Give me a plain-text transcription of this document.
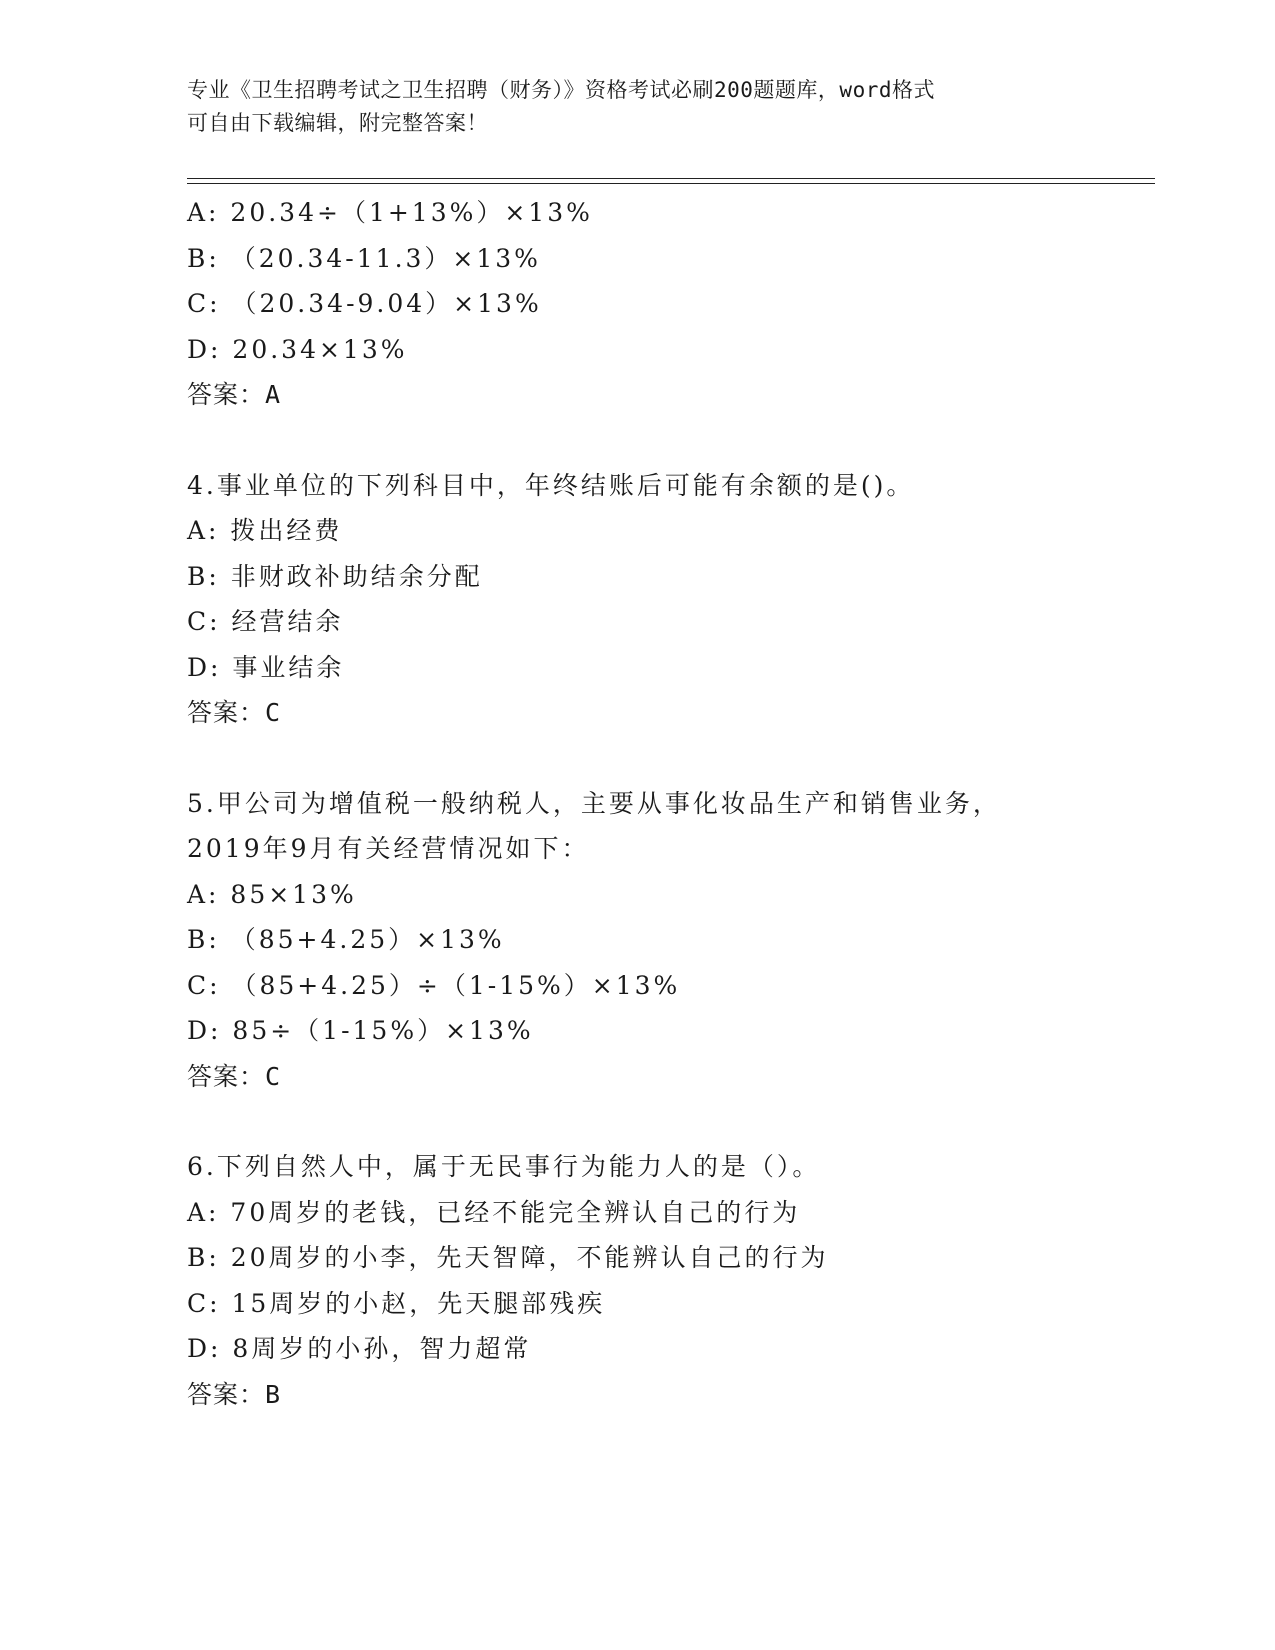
专业《卫生招聘考试之卫生招聘（财务）》资格考试必刷200题题库，word格式
可自由下载编辑，附完整答案！
A: 20.34÷（1+13%）×13%
B: （20.34-11.3）×13%
C: （20.34-9.04）×13%
D: 20.34×13%
答案：A
4.事业单位的下列科目中，年终结账后可能有余额的是()。
A: 拨出经费
B: 非财政补助结余分配
C: 经营结余
D: 事业结余
答案：C
5.甲公司为增值税一般纳税人，主要从事化妆品生产和销售业务，
2019年9月有关经营情况如下：
A: 85×13%
B: （85+4.25）×13%
C: （85+4.25）÷（1-15%）×13%
D: 85÷（1-15%）×13%
答案：C
6.下列自然人中，属于无民事行为能力人的是（）。
A: 70周岁的老钱，已经不能完全辨认自己的行为
B: 20周岁的小李，先天智障，不能辨认自己的行为
C: 15周岁的小赵，先天腿部残疾
D: 8周岁的小孙，智力超常
答案：B
